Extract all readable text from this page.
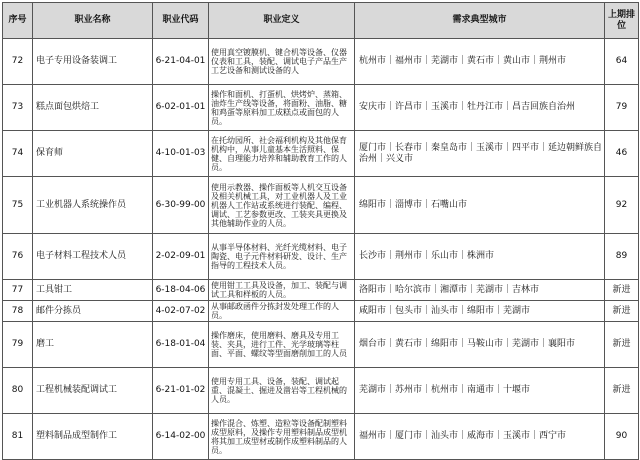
序号	职业名称	职业代码	职业定义	需求典型城市	上期排位
72	电子专用设备装调工	6-21-04-01	使用真空镀膜机、键合机等设备、仪器仪表和工具，装配、调试电子产品生产工艺设备和测试设备的人	杭州市｜福州市｜芜湖市｜黄石市｜黄山市｜荆州市	64
73	糕点面包烘焙工	6-02-01-01	操作和面机、打蛋机、烘烤炉、蒸箱、油炸生产线等设备，将面粉、油脂、糖和鸡蛋等原料加工成糕点或面包的人员。	安庆市｜许昌市｜玉溪市｜牡丹江市｜昌吉回族自治州	79
74	保育师	4-10-01-03	在托幼园所、社会福利机构及其他保育机构中，从事儿童基本生活照料、保健、自理能力培养和辅助教育工作的人员。	厦门市｜长春市｜秦皇岛市｜玉溪市｜四平市｜延边朝鲜族自治州｜兴义市	46
75	工业机器人系统操作员	6-30-99-00	使用示教器、操作面板等人机交互设备及相关机械工具，对工业机器人及工业机器人工作站或系统进行装配、编程、调试、工艺参数更改、工装夹具更换及其他辅助作业的人员。	绵阳市｜淄博市｜石嘴山市	92
76	电子材料工程技术人员	2-02-09-01	从事半导体材料、光纤光缆材料、电子陶瓷、电子元件材料研发、设计、生产指导的工程技术人员。	长沙市｜荆州市｜乐山市｜株洲市	89
77	工具钳工	6-18-04-06	使用钳工工具及设备，加工、装配与调试工具和样板的人员。	洛阳市｜哈尔滨市｜湘潭市｜芜湖市｜吉林市	新进
78	邮件分拣员	4-02-07-02	从事邮政函件分拣封发处理工作的人员。	咸阳市｜包头市｜汕头市｜绵阳市｜芜湖市	新进
79	磨工	6-18-01-04	操作磨床，使用磨料、磨具及专用工装、夹具，进行工件、光学玻璃等柱面、平面、螺纹等型面磨削加工的人员	烟台市｜黄石市｜绵阳市｜马鞍山市｜芜湖市｜襄阳市	新进
80	工程机械装配调试工	6-21-01-02	使用专用工具、设备，装配、调试起重、混凝土、掘进及凿岩等工程机械的人员。	芜湖市｜苏州市｜杭州市｜南通市｜十堰市	新进
81	塑料制品成型制作工	6-14-02-00	操作混合、炼塑、造粒等设备配制塑料成型原料，及操作专用塑料制品成型机将其加工成型材或制作成塑料制品的人员。	福州市｜厦门市｜汕头市｜威海市｜玉溪市｜西宁市	90
